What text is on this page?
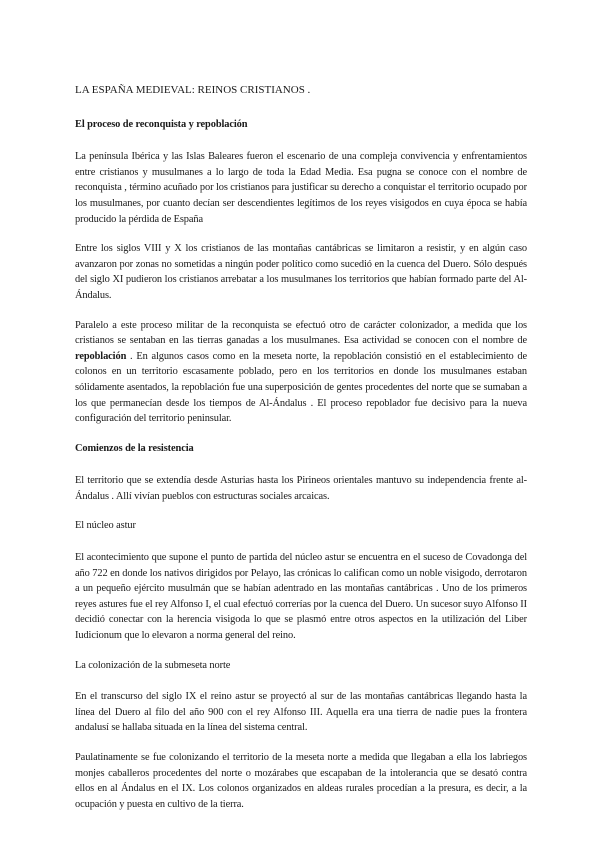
LA ESPAÑA MEDIEVAL: REINOS CRISTIANOS .

El proceso de reconquista y repoblación

La península Ibérica y las Islas Baleares fueron el escenario de una compleja convivencia y enfrentamientos entre cristianos y musulmanes a lo largo de toda la Edad Media. Esa pugna se conoce con el nombre de reconquista , término acuñado por los cristianos para justificar su derecho a conquistar el territorio ocupado por los musulmanes, por cuanto decían ser descendientes legítimos de los reyes visigodos en cuya época se había producido la pérdida de España

Entre los siglos VIII y X los cristianos de las montañas cantábricas se limitaron a resistir, y en algún caso avanzaron por zonas no sometidas a ningún poder político como sucedió en la cuenca del Duero. Sólo después del siglo XI pudieron los cristianos arrebatar a los musulmanes los territorios que habían formado parte del Al-Ándalus.

Paralelo a este proceso militar de la reconquista se efectuó otro de carácter colonizador, a medida que los cristianos se sentaban en las tierras ganadas a los musulmanes. Esa actividad se conocen con el nombre de repoblación . En algunos casos como en la meseta norte, la repoblación consistió en el establecimiento de colonos en un territorio escasamente poblado, pero en los territorios en donde los musulmanes estaban sólidamente asentados, la repoblación fue una superposición de gentes procedentes del norte que se sumaban a los que permanecían desde los tiempos de Al-Ándalus . El proceso repoblador fue decisivo para la nueva configuración del territorio peninsular.

Comienzos de la resistencia

El territorio que se extendía desde Asturias hasta los Pirineos orientales mantuvo su independencia frente al-Ándalus . Allí vivían pueblos con estructuras sociales arcaicas.

El núcleo astur

El acontecimiento que supone el punto de partida del núcleo astur se encuentra en el suceso de Covadonga del año 722 en donde los nativos dirigidos por Pelayo, las crónicas lo califican como un noble visigodo, derrotaron a un pequeño ejército musulmán que se habían adentrado en las montañas cantábricas . Uno de los primeros reyes astures fue el rey Alfonso I, el cual efectuó correrías por la cuenca del Duero. Un sucesor suyo Alfonso II decidió conectar con la herencia visigoda lo que se plasmó entre otros aspectos en la utilización del Liber Iudicionum que lo elevaron a norma general del reino.

La colonización de la submeseta norte

En el transcurso del siglo IX el reino astur se proyectó al sur de las montañas cantábricas llegando hasta la línea del Duero al filo del año 900 con el rey Alfonso III. Aquella era una tierra de nadie pues la frontera andalusí se hallaba situada en la línea del sistema central.

Paulatinamente se fue colonizando el territorio de la meseta norte a medida que llegaban a ella los labriegos monjes caballeros procedentes del norte o mozárabes que escapaban de la intolerancia que se desató contra ellos en al Ándalus en el IX. Los colonos organizados en aldeas rurales procedían a la presura, es decir, a la ocupación y puesta en cultivo de la tierra.
